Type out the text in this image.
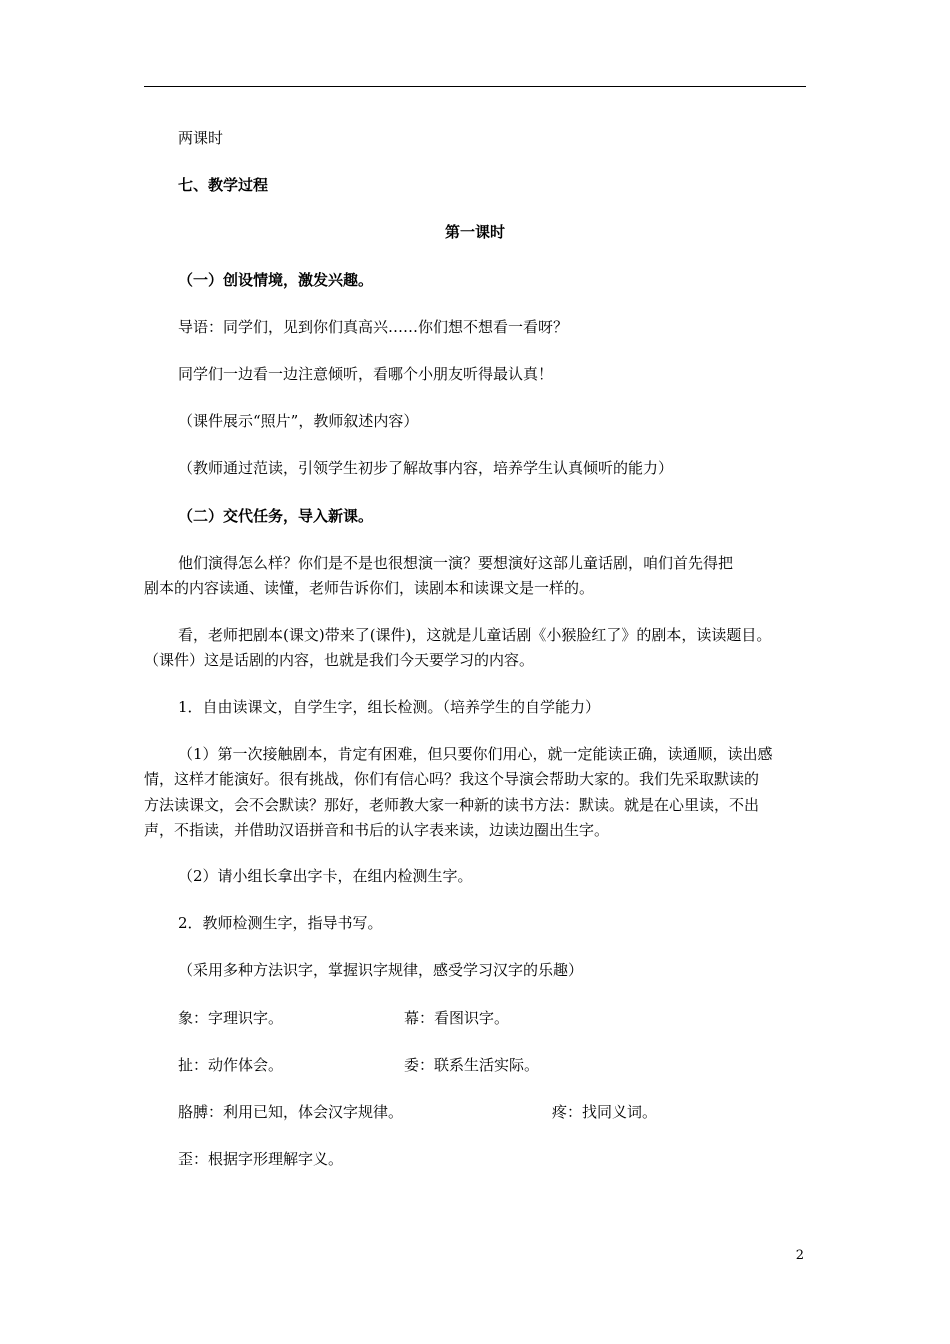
两课时
七、教学过程
第一课时
（一）创设情境，激发兴趣。
导语：同学们，见到你们真高兴……你们想不想看一看呀？
同学们一边看一边注意倾听，看哪个小朋友听得最认真！
（课件展示“照片”，教师叙述内容）
（教师通过范读，引领学生初步了解故事内容，培养学生认真倾听的能力）
（二）交代任务，导入新课。
他们演得怎么样？你们是不是也很想演一演？要想演好这部儿童话剧，咱们首先得把
剧本的内容读通、读懂，老师告诉你们，读剧本和读课文是一样的。
看，老师把剧本(课文)带来了(课件)，这就是儿童话剧《小猴脸红了》的剧本，读读题目。
（课件）这是话剧的内容，也就是我们今天要学习的内容。
1．自由读课文，自学生字，组长检测。（培养学生的自学能力）
（1）第一次接触剧本，肯定有困难，但只要你们用心，就一定能读正确，读通顺，读出感
情，这样才能演好。很有挑战，你们有信心吗？我这个导演会帮助大家的。我们先采取默读的
方法读课文，会不会默读？那好，老师教大家一种新的读书方法：默读。就是在心里读，不出
声，不指读，并借助汉语拼音和书后的认字表来读，边读边圈出生字。
（2）请小组长拿出字卡，在组内检测生字。
2．教师检测生字，指导书写。
（采用多种方法识字，掌握识字规律，感受学习汉字的乐趣）
象：字理识字。	幕：看图识字。
扯：动作体会。	委：联系生活实际。
胳膊：利用已知，体会汉字规律。	疼：找同义词。
歪：根据字形理解字义。
2
